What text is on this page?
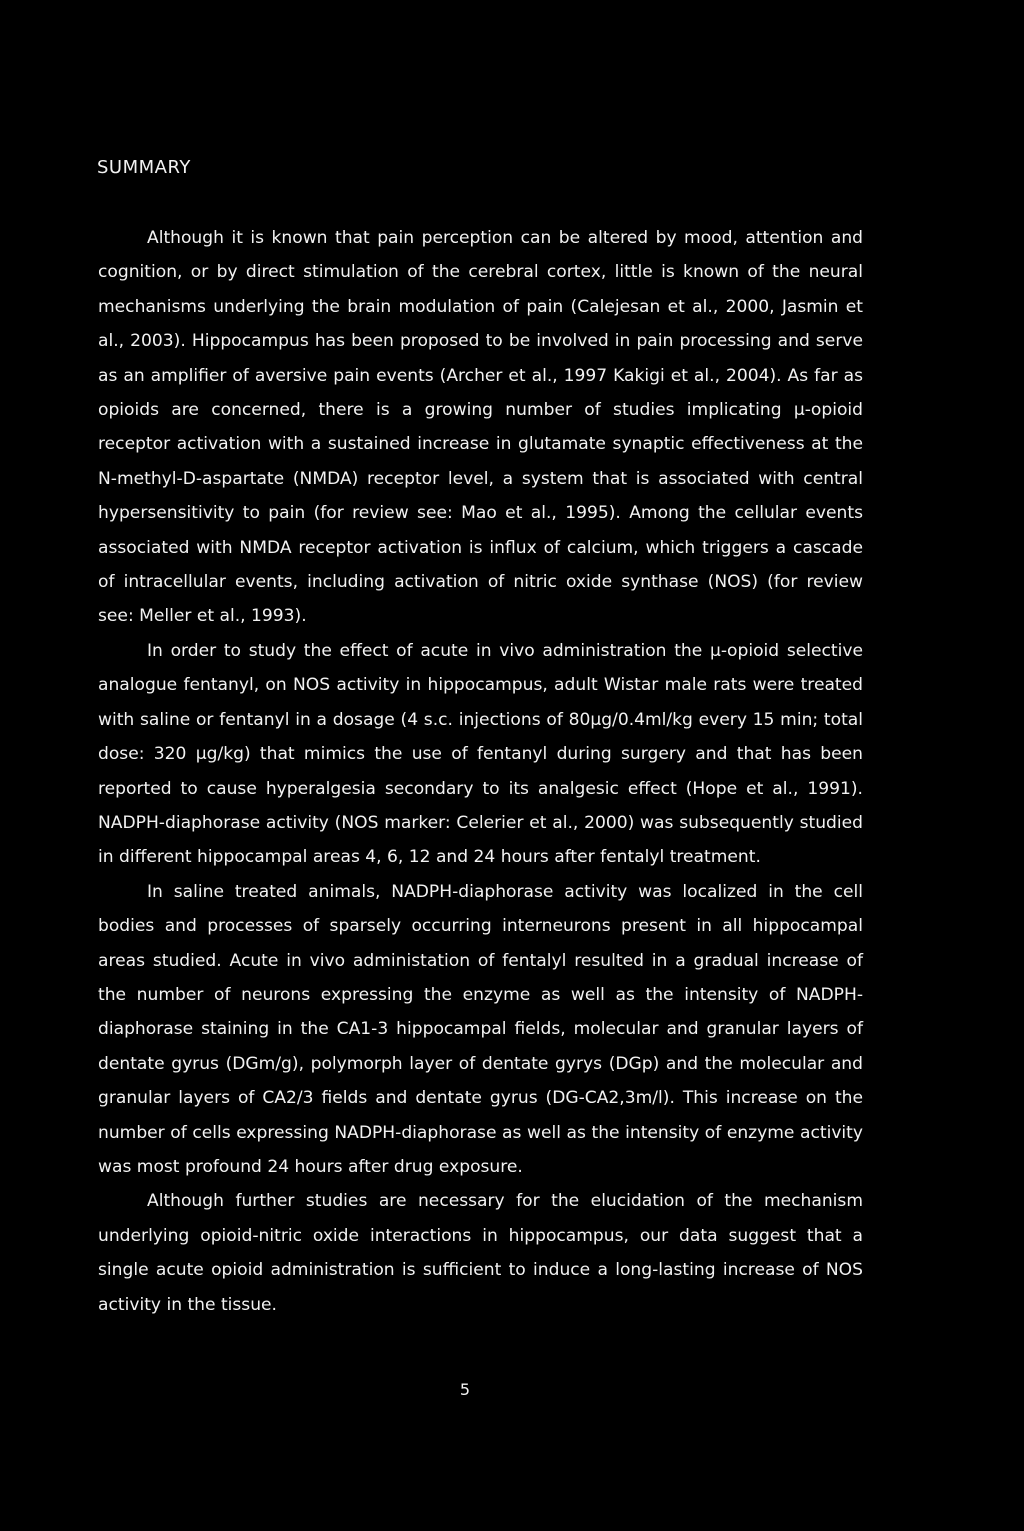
SUMMARY

Although it is known that pain perception can be altered by mood, attention and cognition, or by direct stimulation of the cerebral cortex, little is known of the neural mechanisms underlying the brain modulation of pain (Calejesan et al., 2000, Jasmin et al., 2003). Hippocampus has been proposed to be involved in pain processing and serve as an amplifier of aversive pain events (Archer et al., 1997 Kakigi et al., 2004). As far as opioids are concerned, there is a growing number of studies implicating μ-opioid receptor activation with a sustained increase in glutamate synaptic effectiveness at the N-methyl-D-aspartate (NMDA) receptor level, a system that is associated with central hypersensitivity to pain (for review see: Mao et al., 1995). Among the cellular events associated with NMDA receptor activation is influx of calcium, which triggers a cascade of intracellular events, including activation of nitric oxide synthase (NOS) (for review see: Meller et al., 1993).

In order to study the effect of acute in vivo administration the μ-opioid selective analogue fentanyl, on NOS activity in hippocampus, adult Wistar male rats were treated with saline or fentanyl in a dosage (4 s.c. injections of 80μg/0.4ml/kg every 15 min; total dose: 320 μg/kg) that mimics the use of fentanyl during surgery and that has been reported to cause hyperalgesia secondary to its analgesic effect (Hope et al., 1991). NADPH-diaphorase activity (NOS marker: Celerier et al., 2000) was subsequently studied in different hippocampal areas 4, 6, 12 and 24 hours after fentalyl treatment.

In saline treated animals, NADPH-diaphorase activity was localized in the cell bodies and processes of sparsely occurring interneurons present in all hippocampal areas studied. Acute in vivo administation of fentalyl resulted in a gradual increase of the number of neurons expressing the enzyme as well as the intensity of NADPH-diaphorase staining in the CA1-3 hippocampal fields, molecular and granular layers of dentate gyrus (DGm/g), polymorph layer of dentate gyrys (DGp) and the molecular and granular layers of CA2/3 fields and dentate gyrus (DG-CA2,3m/l). This increase on the number of cells expressing NADPH-diaphorase as well as the intensity of enzyme activity was most profound 24 hours after drug exposure.

Although further studies are necessary for the elucidation of the mechanism underlying opioid-nitric oxide interactions in hippocampus, our data suggest that a single acute opioid administration is sufficient to induce a long-lasting increase of NOS activity in the tissue.

5
